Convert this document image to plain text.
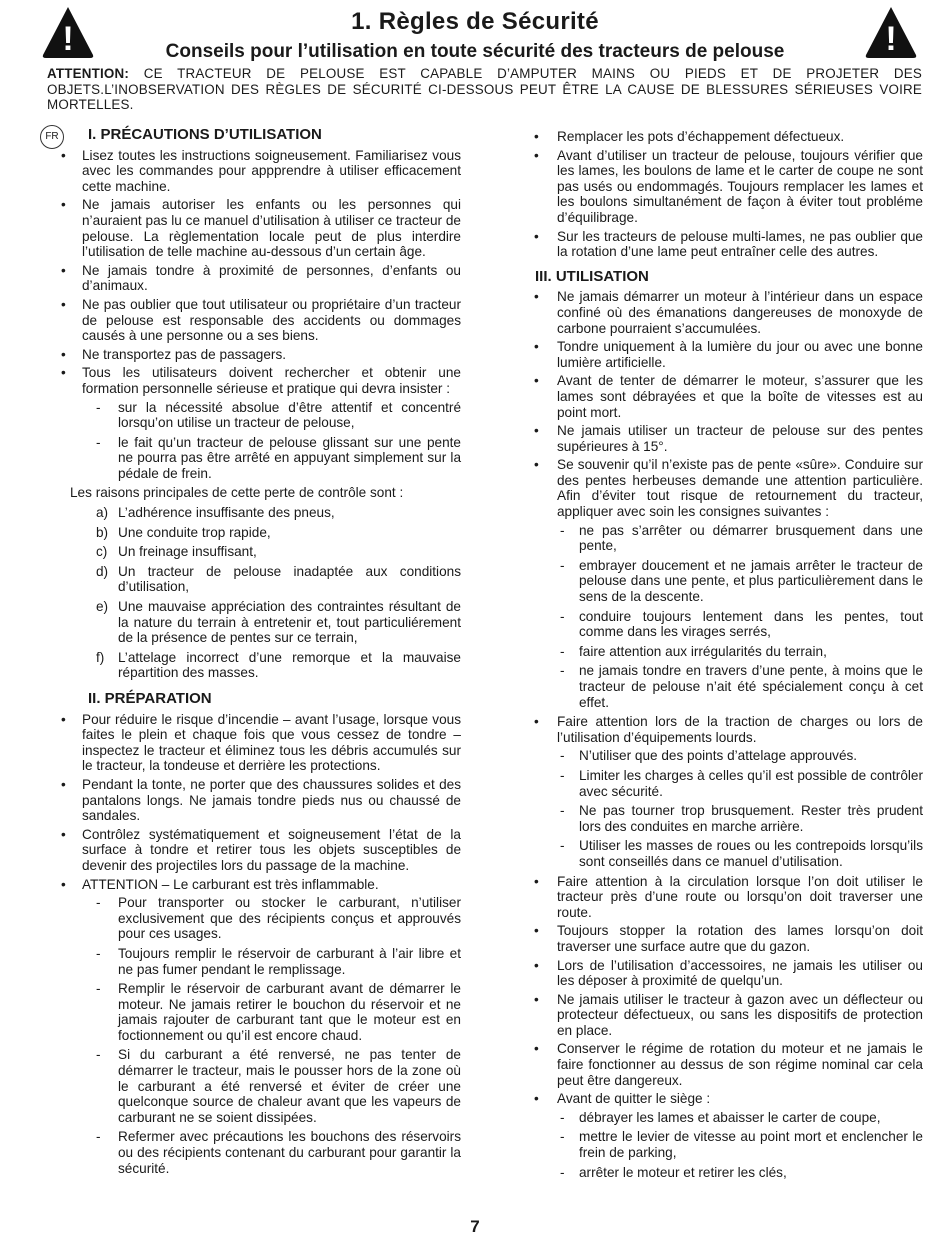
!	1. Règles de Sécurité
Conseils pour l’utilisation en toute sécurité des tracteurs de pelouse	!
ATTENTION: CE TRACTEUR DE PELOUSE EST CAPABLE D’AMPUTER MAINS OU PIEDS ET DE PROJETER DES OBJETS.L’INOBSERVATION DES RÈGLES DE SÉCURITÉ CI-DESSOUS PEUT ÊTRE LA CAUSE DE BLESSURES SÉRIEUSES VOIRE MORTELLES.
FR	I. PRÉCAUTIONS D’UTILISATION
• Lisez toutes les instructions soigneusement. Familiarisez vous avec les commandes pour appprendre à utiliser efficacement cette machine.
• Ne jamais autoriser les enfants ou les personnes qui n’auraient pas lu ce manuel d’utilisation à utiliser ce tracteur de pelouse. La règlementation locale peut de plus interdire l’utilisation de telle machine au-dessous d’un certain âge.
• Ne jamais tondre à proximité de personnes, d’enfants ou d’animaux.
• Ne pas oublier que tout utilisateur ou propriétaire d’un tracteur de pelouse est responsable des accidents ou dommages causés à une personne ou a ses biens.
• Ne transportez pas de passagers.
• Tous les utilisateurs doivent rechercher et obtenir une formation personnelle sérieuse et pratique qui devra insister :
- sur la nécessité absolue d’être attentif et concentré lorsqu’on utilise un tracteur de pelouse,
- le fait qu’un tracteur de pelouse glissant sur une pente ne pourra pas être arrêté en appuyant simplement sur la pédale de frein.
Les raisons principales de cette perte de contrôle sont :
a) L’adhérence insuffisante des pneus,
b) Une conduite trop rapide,
c) Un freinage insuffisant,
d) Un tracteur de pelouse inadaptée aux conditions d’utilisation,
e) Une mauvaise appréciation des contraintes résultant de la nature du terrain à entretenir et, tout particuliérement de la présence de pentes sur ce terrain,
f) L’attelage incorrect d’une remorque et la mauvaise répartition des masses.
II. PRÉPARATION
• Pour réduire le risque d’incendie – avant l’usage, lorsque vous faites le plein et chaque fois que vous cessez de tondre – inspectez le tracteur et éliminez tous les débris accumulés sur le tracteur, la tondeuse et derrière les protections.
• Pendant la tonte, ne porter que des chaussures solides et des pantalons longs. Ne jamais tondre pieds nus ou chaussé de sandales.
• Contrôlez systématiquement et soigneusement l’état de la surface à tondre et retirer tous les objets susceptibles de devenir des projectiles lors du passage de la machine.
• ATTENTION – Le carburant est très inflammable.
- Pour transporter ou stocker le carburant, n’utiliser exclusivement que des récipients conçus et approuvés pour ces usages.
- Toujours remplir le réservoir de carburant à l’air libre et ne pas fumer pendant le remplissage.
- Remplir le réservoir de carburant avant de démarrer le moteur. Ne jamais retirer le bouchon du réservoir et ne jamais rajouter de carburant tant que le moteur est en foctionnement ou qu’il est encore chaud.
- Si du carburant a été renversé, ne pas tenter de démarrer le tracteur, mais le pousser hors de la zone où le carburant a été renversé et éviter de créer une quelconque source de chaleur avant que les vapeurs de carburant ne se soient dissipées.
- Refermer avec précautions les bouchons des réservoirs ou des récipients contenant du carburant pour garantir la sécurité.
• Remplacer les pots d’échappement défectueux.
• Avant d’utiliser un tracteur de pelouse, toujours vérifier que les lames, les boulons de lame et le carter de coupe ne sont pas usés ou endommagés. Toujours remplacer les lames et les boulons simultanément de façon à éviter tout probléme d’équilibrage.
• Sur les tracteurs de pelouse multi-lames, ne pas oublier que la rotation d’une lame peut entraîner celle des autres.
III. UTILISATION
• Ne jamais démarrer un moteur à l’intérieur dans un espace confiné où des émanations dangereuses de monoxyde de carbone pourraient s’accumulées.
• Tondre uniquement à la lumière du jour ou avec une bonne lumière artificielle.
• Avant de tenter de démarrer le moteur, s’assurer que les lames sont débrayées et que la boîte de vitesses est au point mort.
• Ne jamais utiliser un tracteur de pelouse sur des pentes supérieures à 15°.
• Se souvenir qu’il n’existe pas de pente «sûre». Conduire sur des pentes herbeuses demande une attention particulière. Afin d’éviter tout risque de retournement du tracteur, appliquer avec soin les consignes suivantes :
- ne pas s’arrêter ou démarrer brusquement dans une pente,
- embrayer doucement et ne jamais arrêter le tracteur de pelouse dans une pente, et plus particulièrement dans le sens de la descente.
- conduire toujours lentement dans les pentes, tout comme dans les virages serrés,
- faire attention aux irrégularités du terrain,
- ne jamais tondre en travers d’une pente, à moins que le tracteur de pelouse n’ait été spécialement conçu à cet effet.
• Faire attention lors de la traction de charges ou lors de l’utilisation d’équipements lourds.
- N’utiliser que des points d’attelage approuvés.
- Limiter les charges à celles qu’il est possible de contrôler avec sécurité.
- Ne pas tourner trop brusquement. Rester très prudent lors des conduites en marche arrière.
- Utiliser les masses de roues ou les contrepoids lorsqu’ils sont conseillés dans ce manuel d’utilisation.
• Faire attention à la circulation lorsque l’on doit utiliser le tracteur près d’une route ou lorsqu’on doit traverser une route.
• Toujours stopper la rotation des lames lorsqu’on doit traverser une surface autre que du gazon.
• Lors de l’utilisation d’accessoires, ne jamais les utiliser ou les déposer à proximité de quelqu’un.
• Ne jamais utiliser le tracteur à gazon avec un déflecteur ou protecteur défectueux, ou sans les dispositifs de protection en place.
• Conserver le régime de rotation du moteur et ne jamais le faire fonctionner au dessus de son régime nominal car cela peut être dangereux.
• Avant de quitter le siège :
- débrayer les lames et abaisser le carter de coupe,
- mettre le levier de vitesse au point mort et enclencher le frein de parking,
- arrêter le moteur et retirer les clés,
7
